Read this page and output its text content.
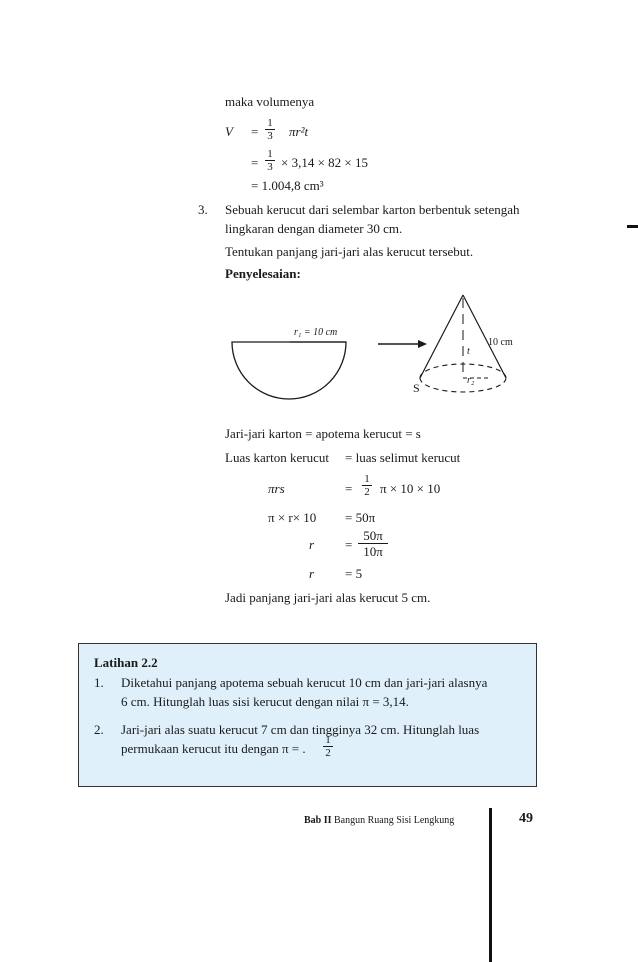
maka volumenya
$V = \frac{1}{3} \pi r^2t$
= $\frac{1}{3} \times 3,14 \times 82 \times 15$
= 1.004,8 cm³
3. Sebuah kerucut dari selembar karton berbentuk setengah
lingkaran dengan diameter 30 cm.
Tentukan panjang jari-jari alas kerucut tersebut.
Penyelesaian:
r₁ = 10 cm
10 cm
t
r₂
S
Jari-jari karton = apotema kerucut = s
Luas karton kerucut = luas selimut kerucut
πrs	= $\frac{1}{2}$ π × 10 × 10
π × r× 10 = 50π
$r = \frac{50\pi}{10\pi}$
r = 5
Jadi panjang jari-jari alas kerucut 5 cm.
Latihan 2.2
1. Diketahui panjang apotema sebuah kerucut 10 cm dan jari-jari alasnya
6 cm. Hitunglah luas sisi kerucut dengan nilai π = 3,14.
2. Jari-jari alas suatu kerucut 7 cm dan tingginya 32 cm. Hitunglah luas
permukaan kerucut itu dengan π = . $\frac{1}{2}$
Bab II Bangun Ruang Sisi Lengkung	49
